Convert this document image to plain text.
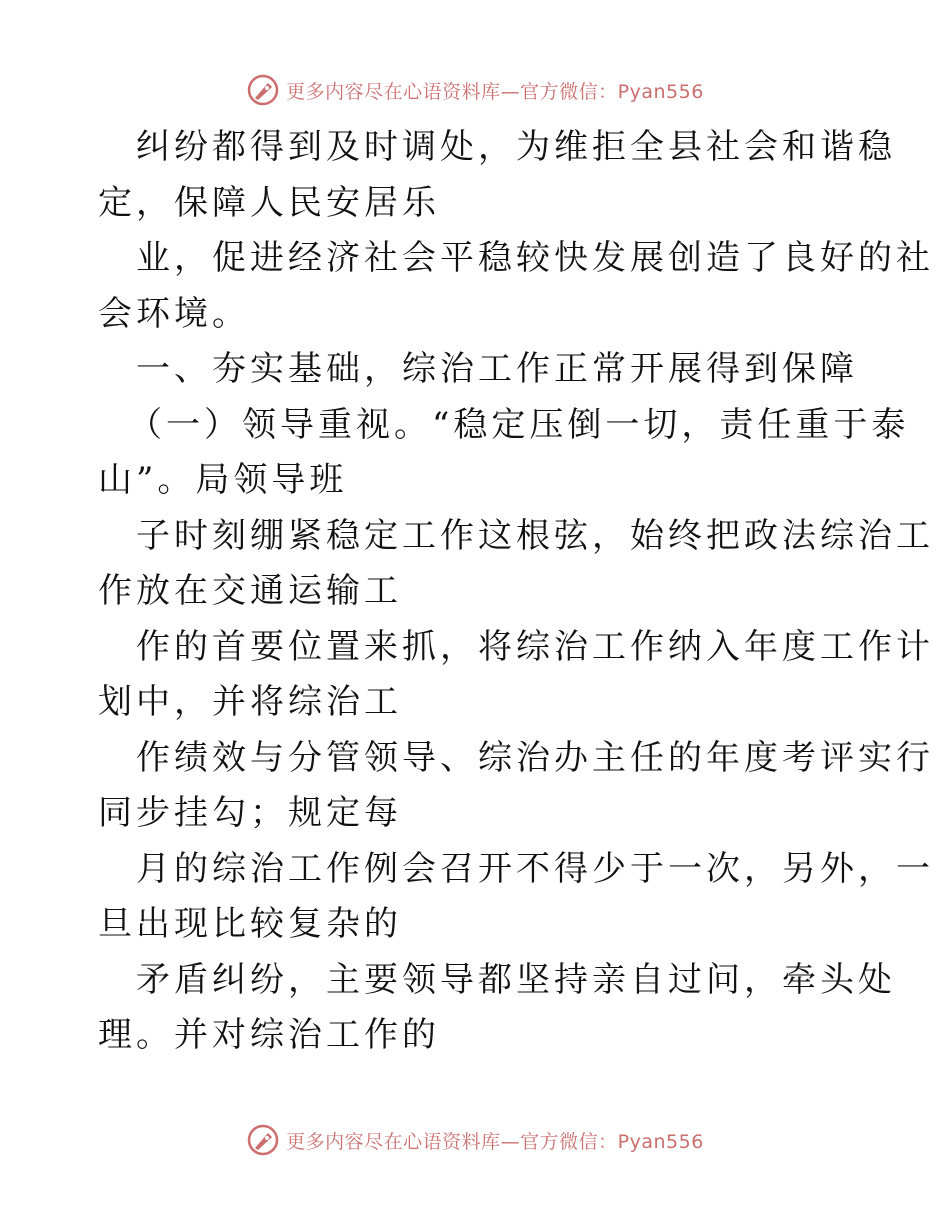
更多内容尽在心语资料库—官方微信：Pyan556
纠纷都得到及时调处，为维拒全县社会和谐稳
定，保障人民安居乐
业，促进经济社会平稳较快发展创造了良好的社
会环境。
一、夯实基础，综治工作正常开展得到保障
（一）领导重视。“稳定压倒一切，责任重于泰
山”。局领导班
子时刻绷紧稳定工作这根弦，始终把政法综治工
作放在交通运输工
作的首要位置来抓，将综治工作纳入年度工作计
划中，并将综治工
作绩效与分管领导、综治办主任的年度考评实行
同步挂勾；规定每
月的综治工作例会召开不得少于一次，另外，一
旦出现比较复杂的
矛盾纠纷，主要领导都坚持亲自过问，牵头处
理。并对综治工作的
更多内容尽在心语资料库—官方微信：Pyan556
